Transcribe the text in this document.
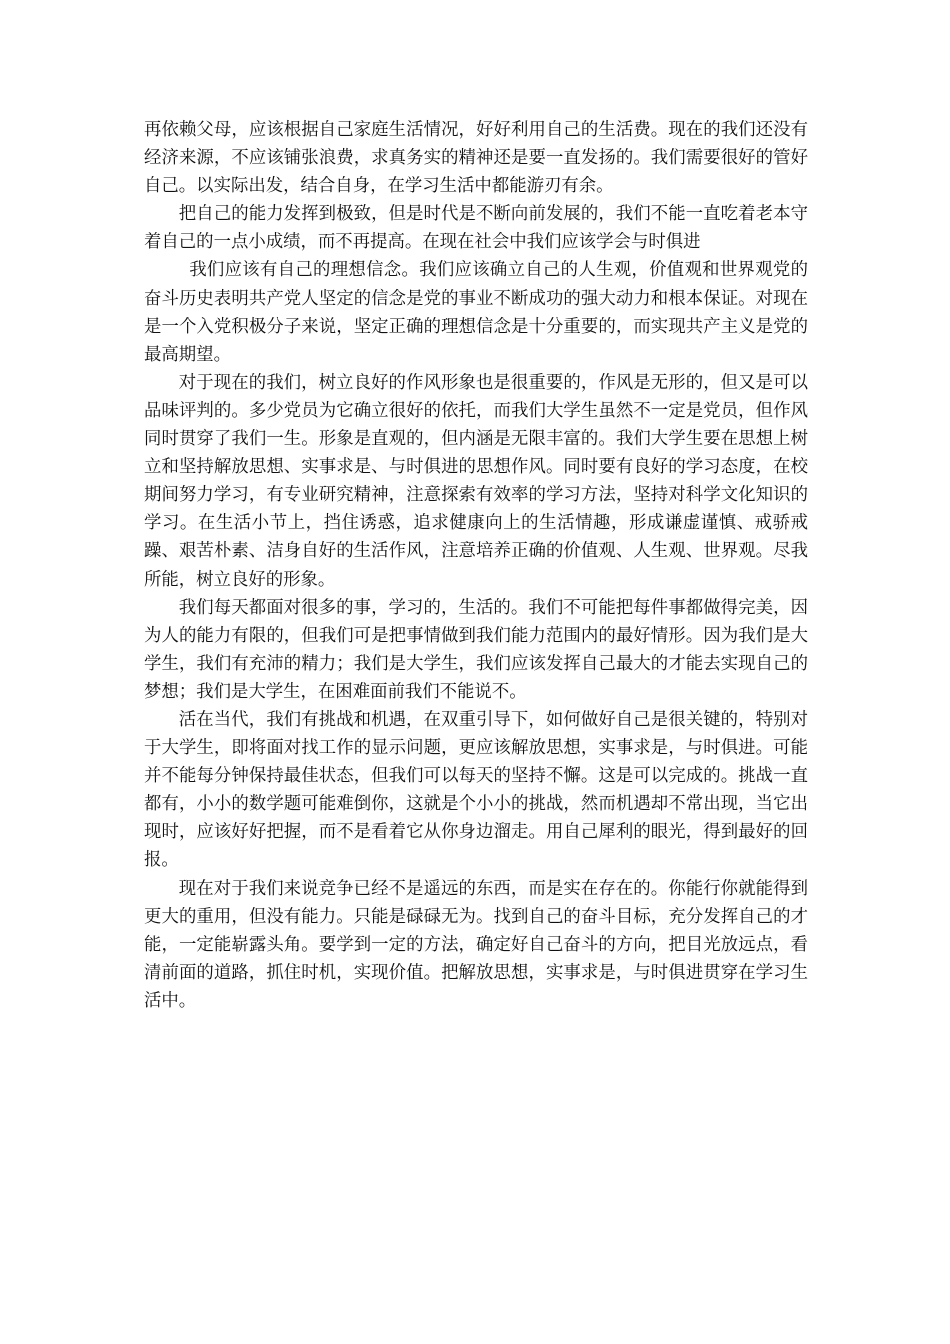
再依赖父母，应该根据自己家庭生活情况，好好利用自己的生活费。现在的我们还没有经济来源，不应该铺张浪费，求真务实的精神还是要一直发扬的。我们需要很好的管好自己。以实际出发，结合自身，在学习生活中都能游刃有余。

把自己的能力发挥到极致，但是时代是不断向前发展的，我们不能一直吃着老本守着自己的一点小成绩，而不再提高。在现在社会中我们应该学会与时俱进

我们应该有自己的理想信念。我们应该确立自己的人生观，价值观和世界观党的奋斗历史表明共产党人坚定的信念是党的事业不断成功的强大动力和根本保证。对现在是一个入党积极分子来说，坚定正确的理想信念是十分重要的，而实现共产主义是党的最高期望。

对于现在的我们，树立良好的作风形象也是很重要的，作风是无形的，但又是可以品味评判的。多少党员为它确立很好的依托，而我们大学生虽然不一定是党员，但作风同时贯穿了我们一生。形象是直观的，但内涵是无限丰富的。我们大学生要在思想上树立和坚持解放思想、实事求是、与时俱进的思想作风。同时要有良好的学习态度，在校期间努力学习，有专业研究精神，注意探索有效率的学习方法，坚持对科学文化知识的学习。在生活小节上，挡住诱惑，追求健康向上的生活情趣，形成谦虚谨慎、戒骄戒躁、艰苦朴素、洁身自好的生活作风，注意培养正确的价值观、人生观、世界观。尽我所能，树立良好的形象。

我们每天都面对很多的事，学习的，生活的。我们不可能把每件事都做得完美，因为人的能力有限的，但我们可是把事情做到我们能力范围内的最好情形。因为我们是大学生，我们有充沛的精力；我们是大学生，我们应该发挥自己最大的才能去实现自己的梦想；我们是大学生，在困难面前我们不能说不。

活在当代，我们有挑战和机遇，在双重引导下，如何做好自己是很关键的，特别对于大学生，即将面对找工作的显示问题，更应该解放思想，实事求是，与时俱进。可能并不能每分钟保持最佳状态，但我们可以每天的坚持不懈。这是可以完成的。挑战一直都有，小小的数学题可能难倒你，这就是个小小的挑战，然而机遇却不常出现，当它出现时，应该好好把握，而不是看着它从你身边溜走。用自己犀利的眼光，得到最好的回报。

现在对于我们来说竞争已经不是遥远的东西，而是实在存在的。你能行你就能得到更大的重用，但没有能力。只能是碌碌无为。找到自己的奋斗目标，充分发挥自己的才能，一定能崭露头角。要学到一定的方法，确定好自己奋斗的方向，把目光放远点，看清前面的道路，抓住时机，实现价值。把解放思想，实事求是，与时俱进贯穿在学习生活中。
